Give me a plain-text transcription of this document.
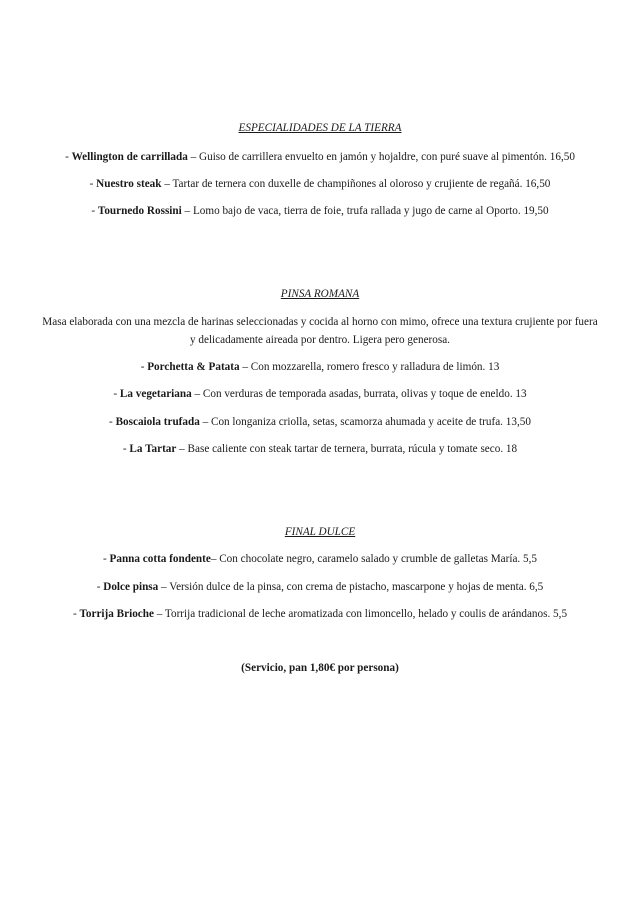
ESPECIALIDADES DE LA TIERRA
- Wellington de carrillada – Guiso de carrillera envuelto en jamón y hojaldre, con puré suave al pimentón. 16,50
- Nuestro steak – Tartar de ternera con duxelle de champiñones al oloroso y crujiente de regañá. 16,50
- Tournedo Rossini – Lomo bajo de vaca, tierra de foie, trufa rallada y jugo de carne al Oporto. 19,50
PINSA ROMANA
Masa elaborada con una mezcla de harinas seleccionadas y cocida al horno con mimo, ofrece una textura crujiente por fuera y delicadamente aireada por dentro. Ligera pero generosa.
- Porchetta & Patata – Con mozzarella, romero fresco y ralladura de limón. 13
- La vegetariana – Con verduras de temporada asadas, burrata, olivas y toque de eneldo. 13
- Boscaiola trufada – Con longaniza criolla, setas, scamorza ahumada y aceite de trufa. 13,50
- La Tartar – Base caliente con steak tartar de ternera, burrata, rúcula y tomate seco. 18
FINAL DULCE
- Panna cotta fondente– Con chocolate negro, caramelo salado y crumble de galletas María. 5,5
- Dolce pinsa – Versión dulce de la pinsa, con crema de pistacho, mascarpone y hojas de menta. 6,5
- Torrija Brioche – Torrija tradicional de leche aromatizada con limoncello, helado y coulis de arándanos. 5,5
(Servicio, pan 1,80€ por persona)
